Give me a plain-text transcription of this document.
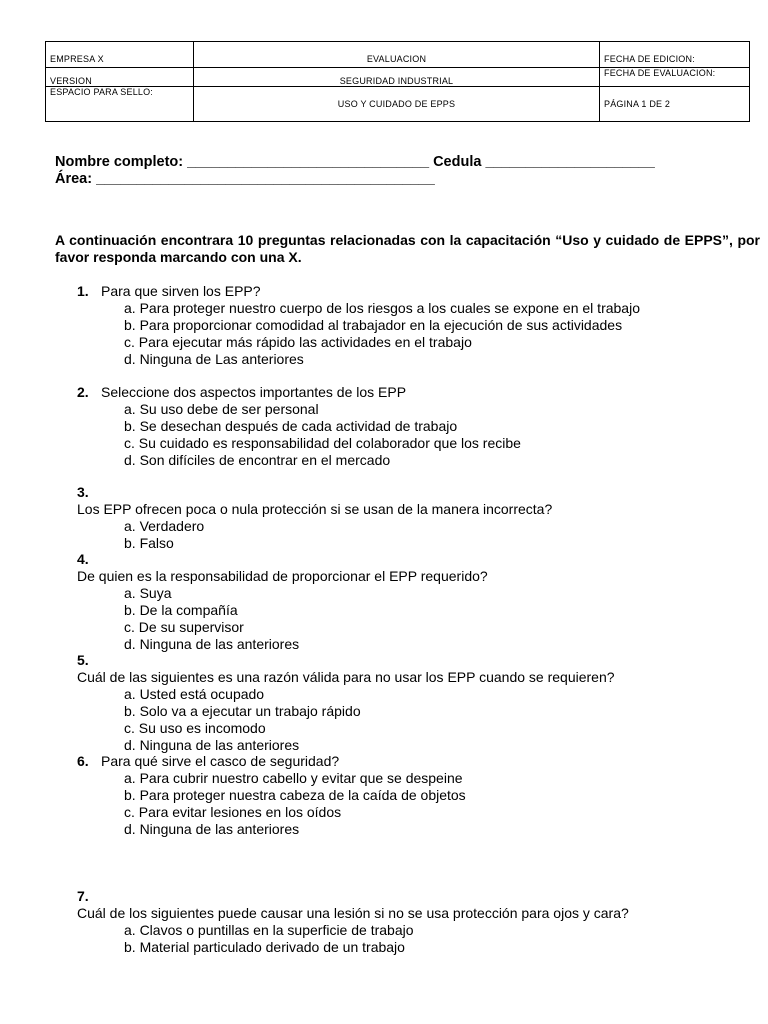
EMPRESA X	EVALUACION	FECHA DE EDICION:

VERSION	SEGURIDAD INDUSTRIAL	FECHA DE EVALUACION:

ESPACIO PARA SELLO:	USO Y CUIDADO DE EPPS	PÁGINA 1 DE 2
Nombre completo: ______________________________ Cedula _____________________
Área: __________________________________________
A continuación encontrara 10 preguntas relacionadas con la capacitación “Uso y cuidado de EPPS”, por favor responda marcando con una X.
1. Para que sirven los EPP?
a. Para proteger nuestro cuerpo de los riesgos a los cuales se expone en el trabajo
b. Para proporcionar comodidad al trabajador en la ejecución de sus actividades
c. Para ejecutar más rápido las actividades en el trabajo
d. Ninguna de Las anteriores
2. Seleccione dos aspectos importantes de los EPP
a. Su uso debe de ser personal
b. Se desechan después de cada actividad de trabajo
c. Su cuidado es responsabilidad del colaborador que los recibe
d. Son difíciles de encontrar en el mercado
3.Los EPP ofrecen poca o nula protección si se usan de la manera incorrecta?
a. Verdadero
b. Falso
4.De quien es la responsabilidad de proporcionar el EPP requerido?
a. Suya
b. De la compañía
c. De su supervisor
d. Ninguna de las anteriores
5.Cuál de las siguientes es una razón válida para no usar los EPP cuando se requieren?
a. Usted está ocupado
b. Solo va a ejecutar un trabajo rápido
c. Su uso es incomodo
d. Ninguna de las anteriores
6. Para qué sirve el casco de seguridad?
a. Para cubrir nuestro cabello y evitar que se despeine
b. Para proteger nuestra cabeza de la caída de objetos
c. Para evitar lesiones en los oídos
d. Ninguna de las anteriores
7.Cuál de los siguientes puede causar una lesión si no se usa protección para ojos y cara?
a. Clavos o puntillas en la superficie de trabajo
b. Material particulado derivado de un trabajo
